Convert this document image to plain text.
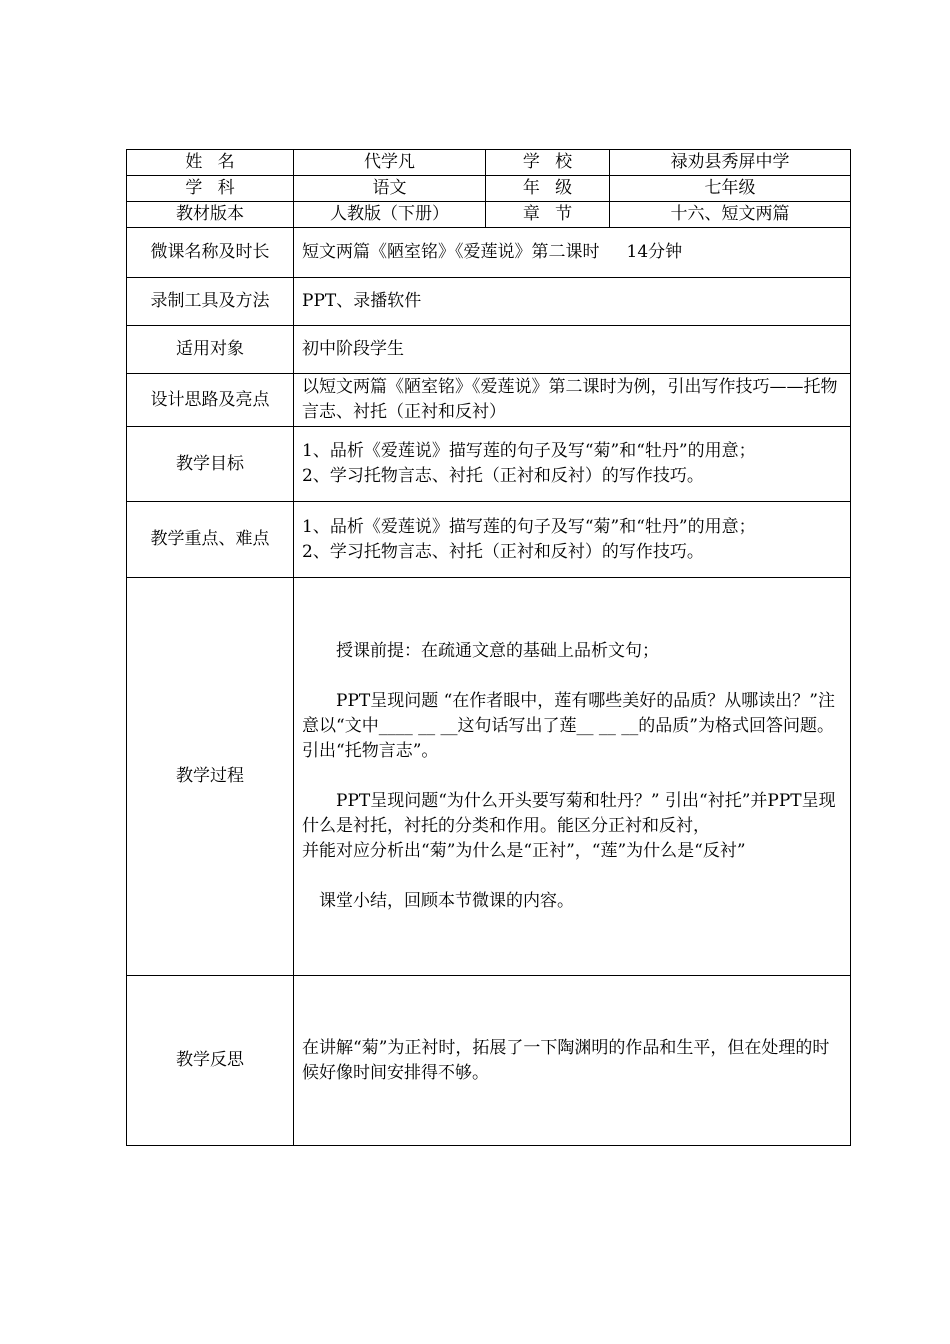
姓名	代学凡	学校	禄劝县秀屏中学
学科	语文	年级	七年级
教材版本	人教版（下册）	章节	十六、短文两篇
微课名称及时长	短文两篇《陋室铭》《爱莲说》第二课时     14分钟		
录制工具及方法	PPT、录播软件		
适用对象	初中阶段学生		
设计思路及亮点	以短文两篇《陋室铭》《爱莲说》第二课时为例，引出写作技巧——托物言志、衬托（正衬和反衬）		
教学目标	1、品析《爱莲说》描写莲的句子及写“菊”和“牡丹”的用意；

2、学习托物言志、衬托（正衬和反衬）的写作技巧。		

教学重点、难点	1、品析《爱莲说》描写莲的句子及写“菊”和“牡丹”的用意；

2、学习托物言志、衬托（正衬和反衬）的写作技巧。		

教学过程	授课前提：在疏通文意的基础上品析文句；

PPT呈现问题 “在作者眼中，莲有哪些美好的品质？从哪读出？”注意以“文中____ __ __这句话写出了莲__ __ __的品质”为格式回答问题。引出“托物言志”。

PPT呈现问题“为什么开头要写菊和牡丹？” 引出“衬托”并PPT呈现什么是衬托，衬托的分类和作用。能区分正衬和反衬，

并能对应分析出“菊”为什么是“正衬”，“莲”为什么是“反衬”

课堂小结，回顾本节微课的内容。		

教学反思	在讲解“菊”为正衬时，拓展了一下陶渊明的作品和生平，但在处理的时候好像时间安排得不够。		
